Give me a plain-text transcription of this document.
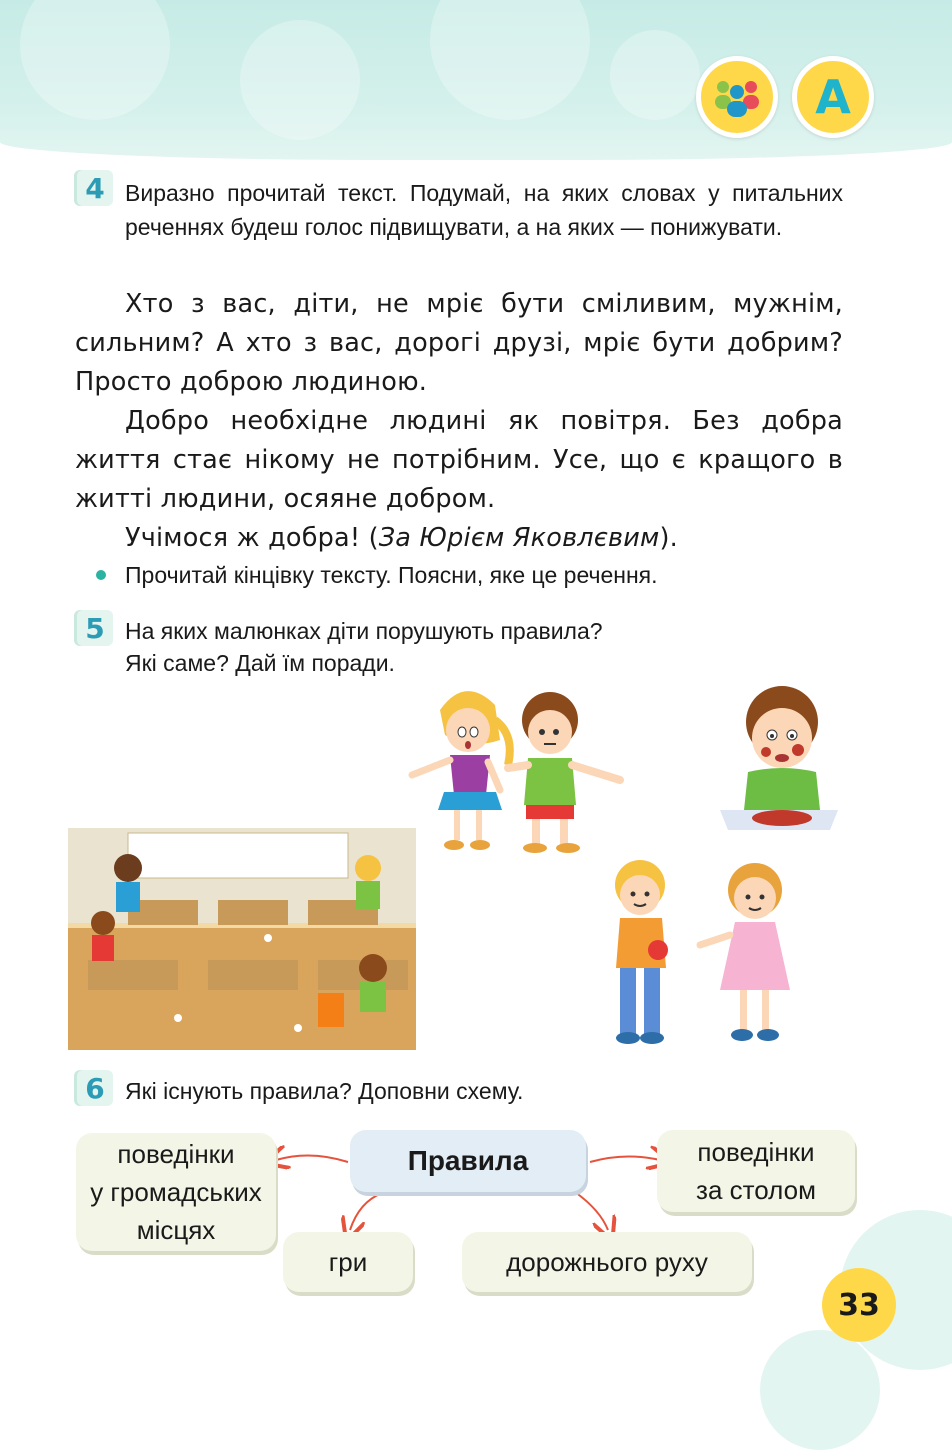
A
4 Виразно прочитай текст. Подумай, на яких словах у питальних реченнях будеш голос підвищувати, а на яких — понижувати.

Хто з вас, діти, не мріє бути сміливим, мужнім, сильним? А хто з вас, дорогі друзі, мріє бути добрим? Просто доброю людиною.

Добро необхідне людині як повітря. Без добра життя стає нікому не потрібним. Усе, що є кращого в житті людини, осяяне добром.

Учімося ж добра! (За Юрієм Яковлєвим).

Прочитай кінцівку тексту. Поясни, яке це речення.
5 На яких малюнках діти порушують правила?
Які саме? Дай їм поради.
6 Які існують правила? Доповни схему.
Правила
поведінки
у громадських
місцях
поведінки
за столом
гри	дорожнього руху
33
